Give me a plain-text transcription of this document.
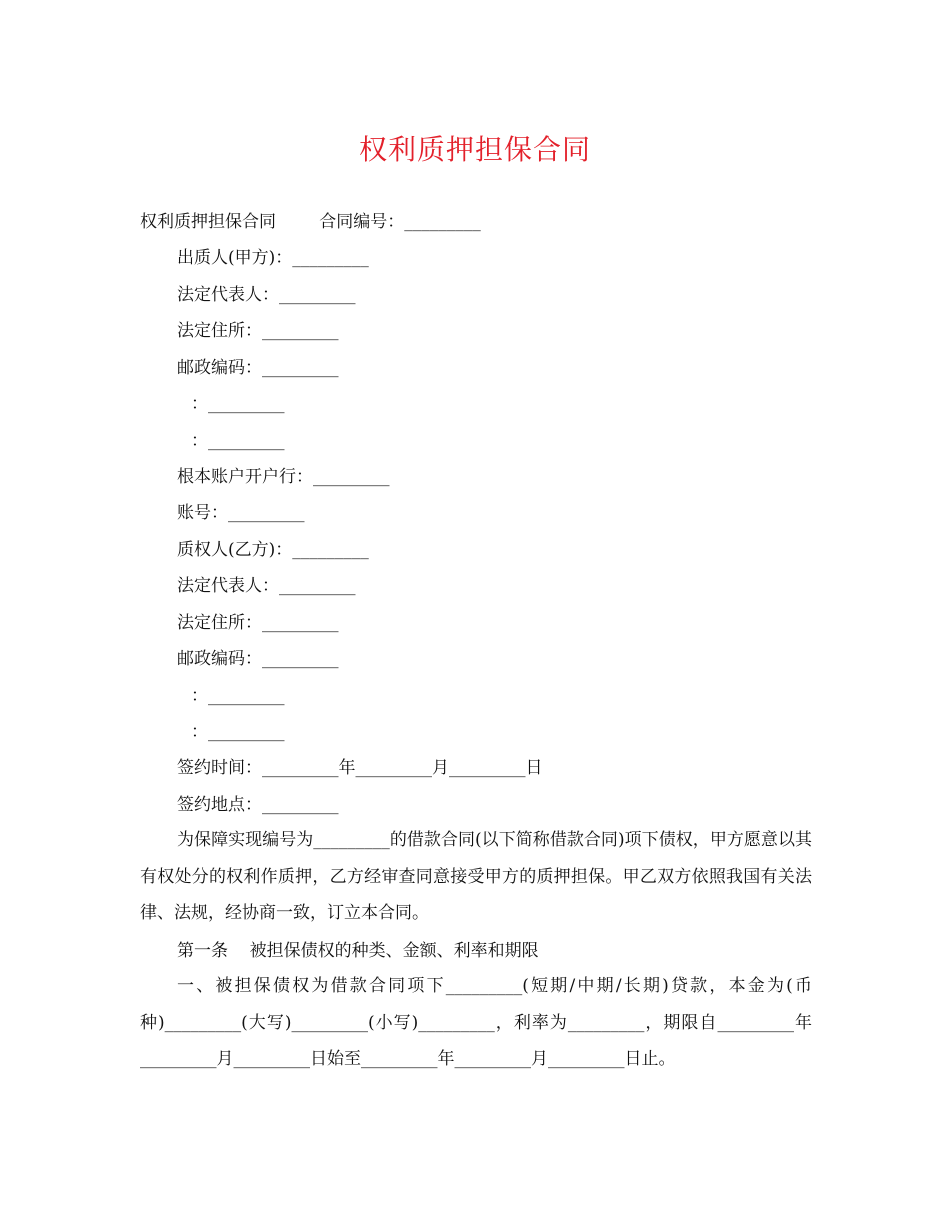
权利质押担保合同
权利质押担保合同        合同编号：_________
出质人(甲方)：_________
法定代表人：_________
法定住所：_________
邮政编码：_________
：_________
：_________
根本账户开户行：_________
账号：_________
质权人(乙方)：_________
法定代表人：_________
法定住所：_________
邮政编码：_________
：_________
：_________
签约时间：_________年_________月_________日
签约地点：_________
为保障实现编号为_________的借款合同(以下简称借款合同)项下债权，甲方愿意以其有权处分的权利作质押，乙方经审查同意接受甲方的质押担保。甲乙双方依照我国有关法律、法规，经协商一致，订立本合同。
第一条    被担保债权的种类、金额、利率和期限
一、被担保债权为借款合同项下_________(短期/中期/长期)贷款，本金为(币种)_________(大写)_________(小写)_________，利率为_________，期限自_________年_________月_________日始至_________年_________月_________日止。
